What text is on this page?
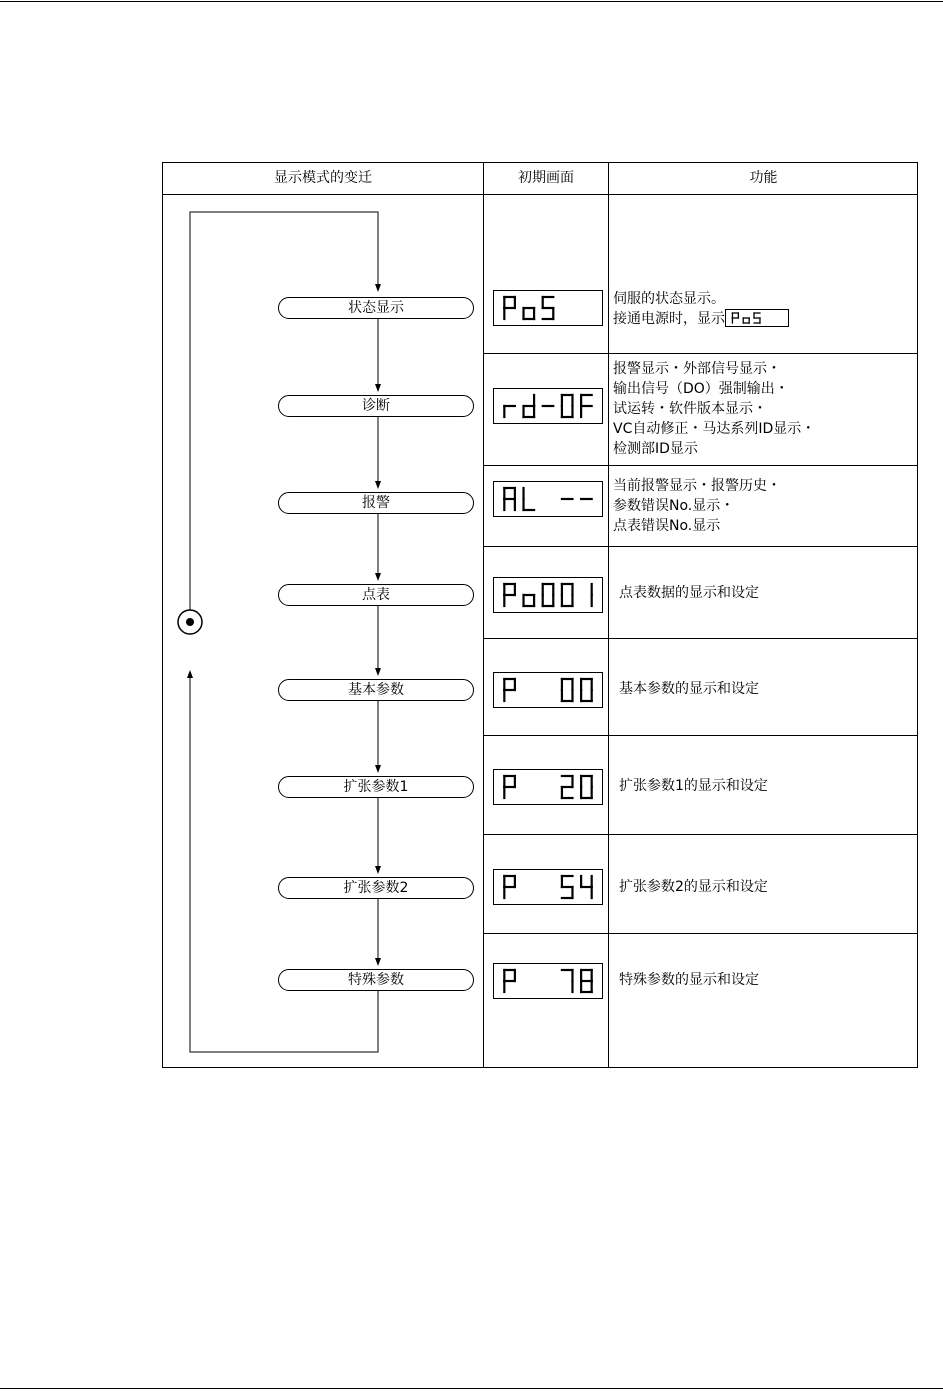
显示模式的变迁	初期画面	功能
状态显示
诊断
报警
点表
基本参数
扩张参数1
扩张参数2
特殊参数
伺服的状态显示。
接通电源时，显示
报警显示・外部信号显示・
输出信号（DO）强制输出・
试运转・软件版本显示・
VC自动修正・马达系列ID显示・
检测部ID显示
当前报警显示・报警历史・
参数错误No.显示・
点表错误No.显示
点表数据的显示和设定
基本参数的显示和设定
扩张参数1的显示和设定
扩张参数2的显示和设定
特殊参数的显示和设定
